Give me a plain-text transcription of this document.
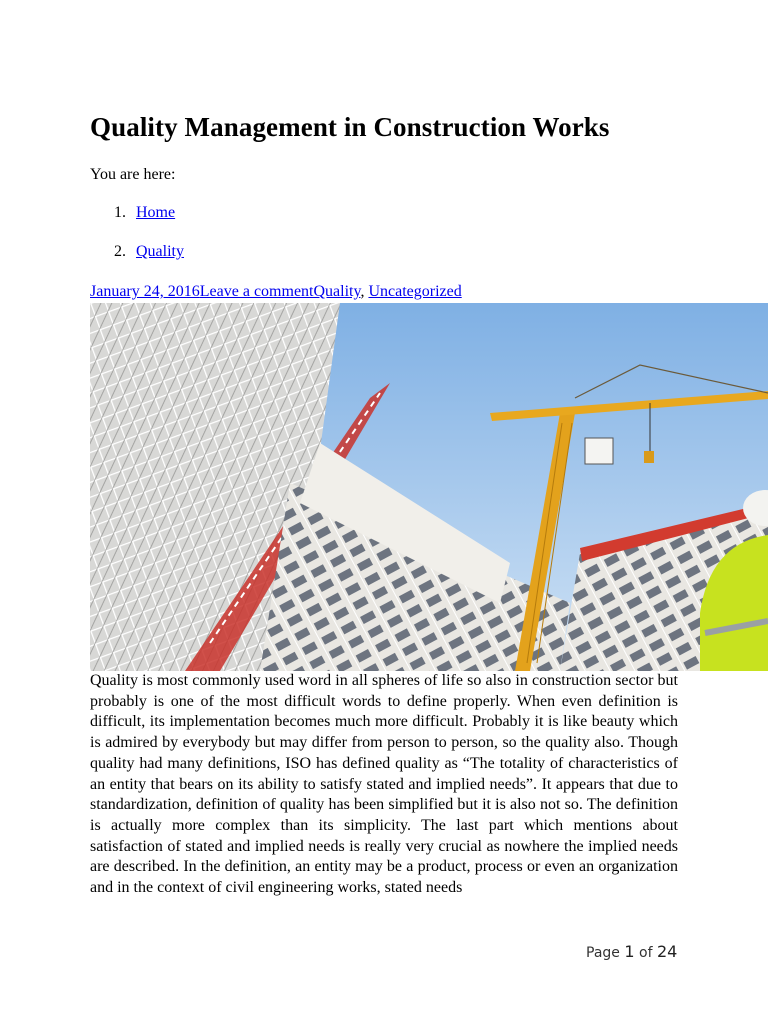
Quality Management in Construction Works
You are here:
1. Home
2. Quality
January 24, 2016Leave a commentQuality, Uncategorized

Quality is most commonly used word in all spheres of life so also in construction sector but probably is one of the most difficult words to define properly. When even definition is difficult, its implementation becomes much more difficult. Probably it is like beauty which is admired by everybody but may differ from person to person, so the quality also. Though quality had many definitions, ISO has defined quality as “The totality of characteristics of an entity that bears on its ability to satisfy stated and implied needs”. It appears that due to standardization, definition of quality has been simplified but it is also not so. The definition is actually more complex than its simplicity. The last part which mentions about satisfaction of stated and implied needs is really very crucial as nowhere the implied needs are described. In the definition, an entity may be a product, process or even an organization and in the context of civil engineering works, stated needs

Page 1 of 24
